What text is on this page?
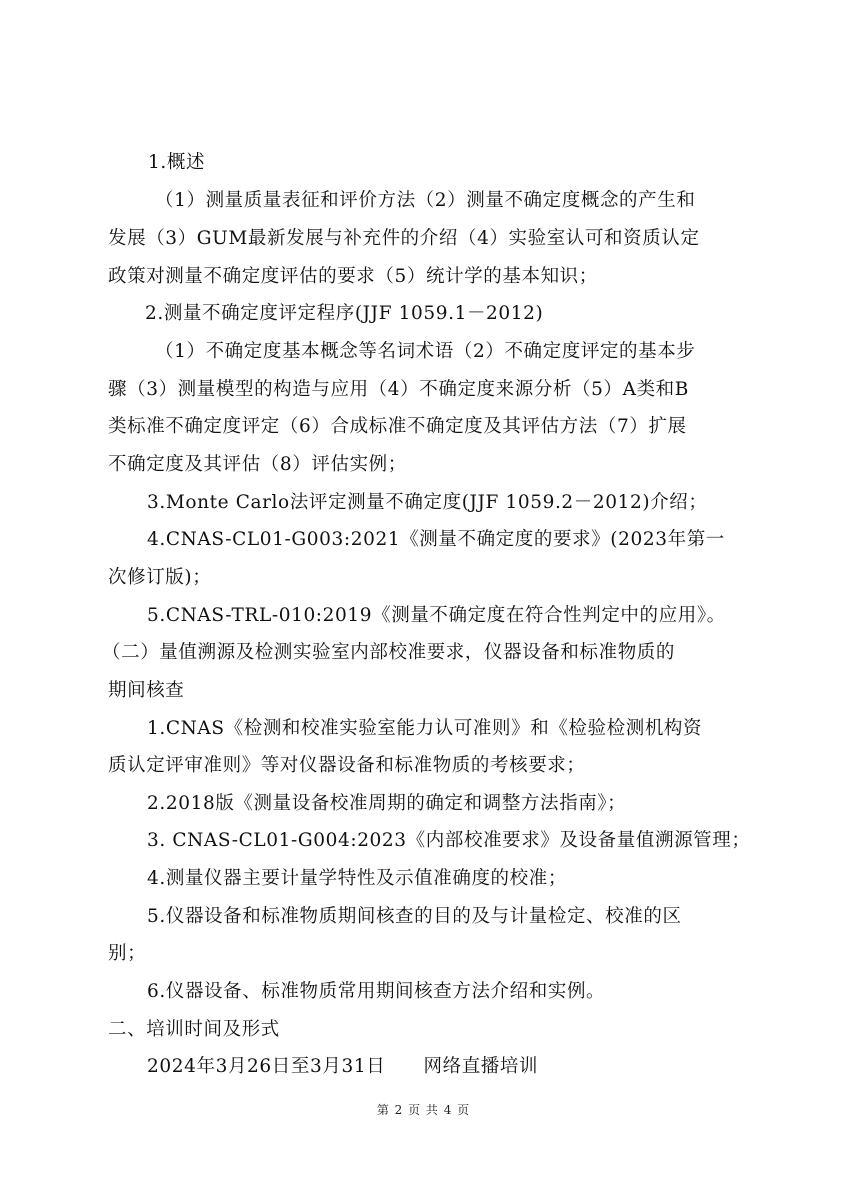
1.概述
（1）测量质量表征和评价方法（2）测量不确定度概念的产生和
发展（3）GUM最新发展与补充件的介绍（4）实验室认可和资质认定
政策对测量不确定度评估的要求（5）统计学的基本知识；
2.测量不确定度评定程序(JJF 1059.1－2012)
（1）不确定度基本概念等名词术语（2）不确定度评定的基本步
骤（3）测量模型的构造与应用（4）不确定度来源分析（5）A类和B
类标准不确定度评定（6）合成标准不确定度及其评估方法（7）扩展
不确定度及其评估（8）评估实例；
3.Monte Carlo法评定测量不确定度(JJF 1059.2－2012)介绍；
4.CNAS-CL01-G003:2021《测量不确定度的要求》(2023年第一
次修订版)；
5.CNAS-TRL-010:2019《测量不确定度在符合性判定中的应用》。
（二）量值溯源及检测实验室内部校准要求，仪器设备和标准物质的
期间核查
1.CNAS《检测和校准实验室能力认可准则》和《检验检测机构资
质认定评审准则》等对仪器设备和标准物质的考核要求；
2.2018版《测量设备校准周期的确定和调整方法指南》；
3. CNAS-CL01-G004:2023《内部校准要求》及设备量值溯源管理；
4.测量仪器主要计量学特性及示值准确度的校准；
5.仪器设备和标准物质期间核查的目的及与计量检定、校准的区
别；
6.仪器设备、标准物质常用期间核查方法介绍和实例。
二、培训时间及形式
2024年3月26日至3月31日　　网络直播培训
第 2 页 共 4 页
